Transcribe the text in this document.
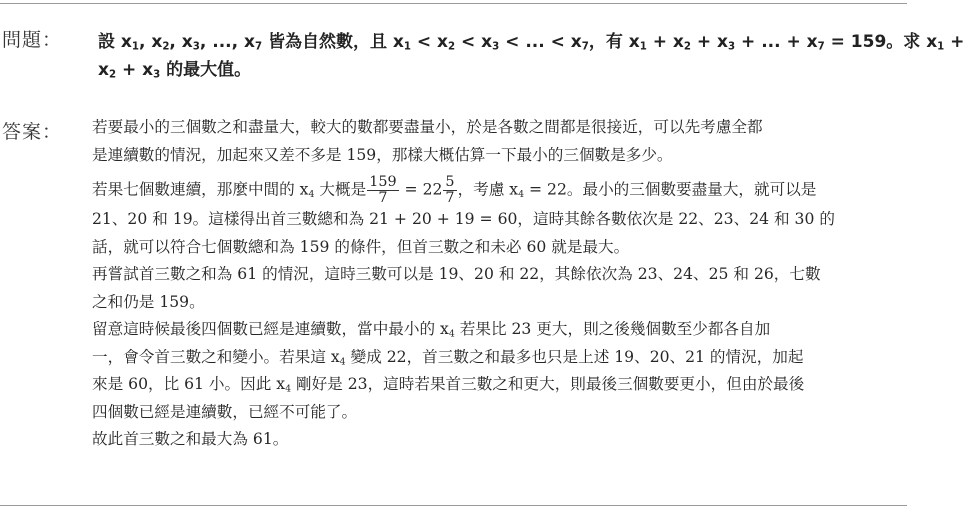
問題： 設 $x_1$, $x_2$, $x_3$, ..., $x_7$ 皆為自然數，且 $x_1 < x_2 < x_3$ < ... < $x_7$，有 $x_1 + x_2 + x_3$ + ... + $x_7 = 159$。求 $x_1$ +
$x_2 + x_3$ 的最大值。
答案： 若要最小的三個數之和盡量大，較大的數都要盡量小，於是各數之間都是很接近，可以先考慮全都
是連續數的情況，加起來又差不多是 159，那樣大概估算一下最小的三個數是多少。
若果七個數連續，那麼中間的 $x_4$ 大概是 $\frac{159}{7} = 22 \frac{5}{7}$ ，考慮 $x_4 = 22$。最小的三個數要盡量大，就可以是
21、20 和 19。這樣得出首三數總和為 21 + 20 + 19 = 60，這時其餘各數依次是 22、23、24 和 30 的
話，就可以符合七個數總和為 159 的條件，但首三數之和未必 60 就是最大。
再嘗試首三數之和為 61 的情況，這時三數可以是 19、20 和 22，其餘依次為 23、24、25 和 26，七數
之和仍是 159。
留意這時候最後四個數已經是連續數，當中最小的 $x_4$ 若果比 23 更大，則之後幾個數至少都各自加
一，會令首三數之和變小。若果這 $x_4$ 變成 22，首三數之和最多也只是上述 19、20、21 的情況，加起
來是 60，比 61 小。因此 $x_4$ 剛好是 23，這時若果首三數之和更大，則最後三個數要更小，但由於最後
四個數已經是連續數，已經不可能了。
故此首三數之和最大為 61。
